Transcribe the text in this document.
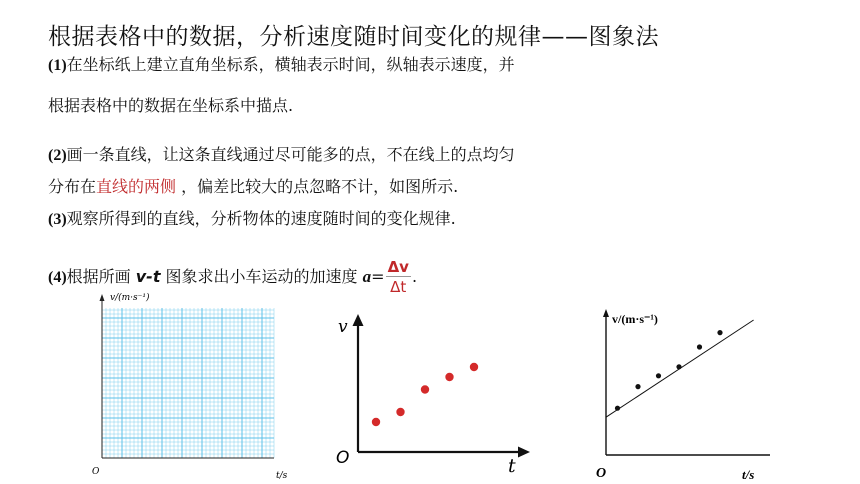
根据表格中的数据，分析速度随时间变化的规律——图象法
(1)在坐标纸上建立直角坐标系，横轴表示时间，纵轴表示速度，并
根据表格中的数据在坐标系中描点.
(2)画一条直线，让这条直线通过尽可能多的点，不在线上的点均匀
分布在直线的两侧 ，偏差比较大的点忽略不计，如图所示.
(3)观察所得到的直线，分析物体的速度随时间的变化规律.
(4)根据所画 v-t 图象求出小车运动的加速度 $a= \frac{\Delta v}{\Delta t}$ .
v/(m·s⁻¹)
O	t/s
v
O	t
v/(m·s⁻¹)
O	t/s
